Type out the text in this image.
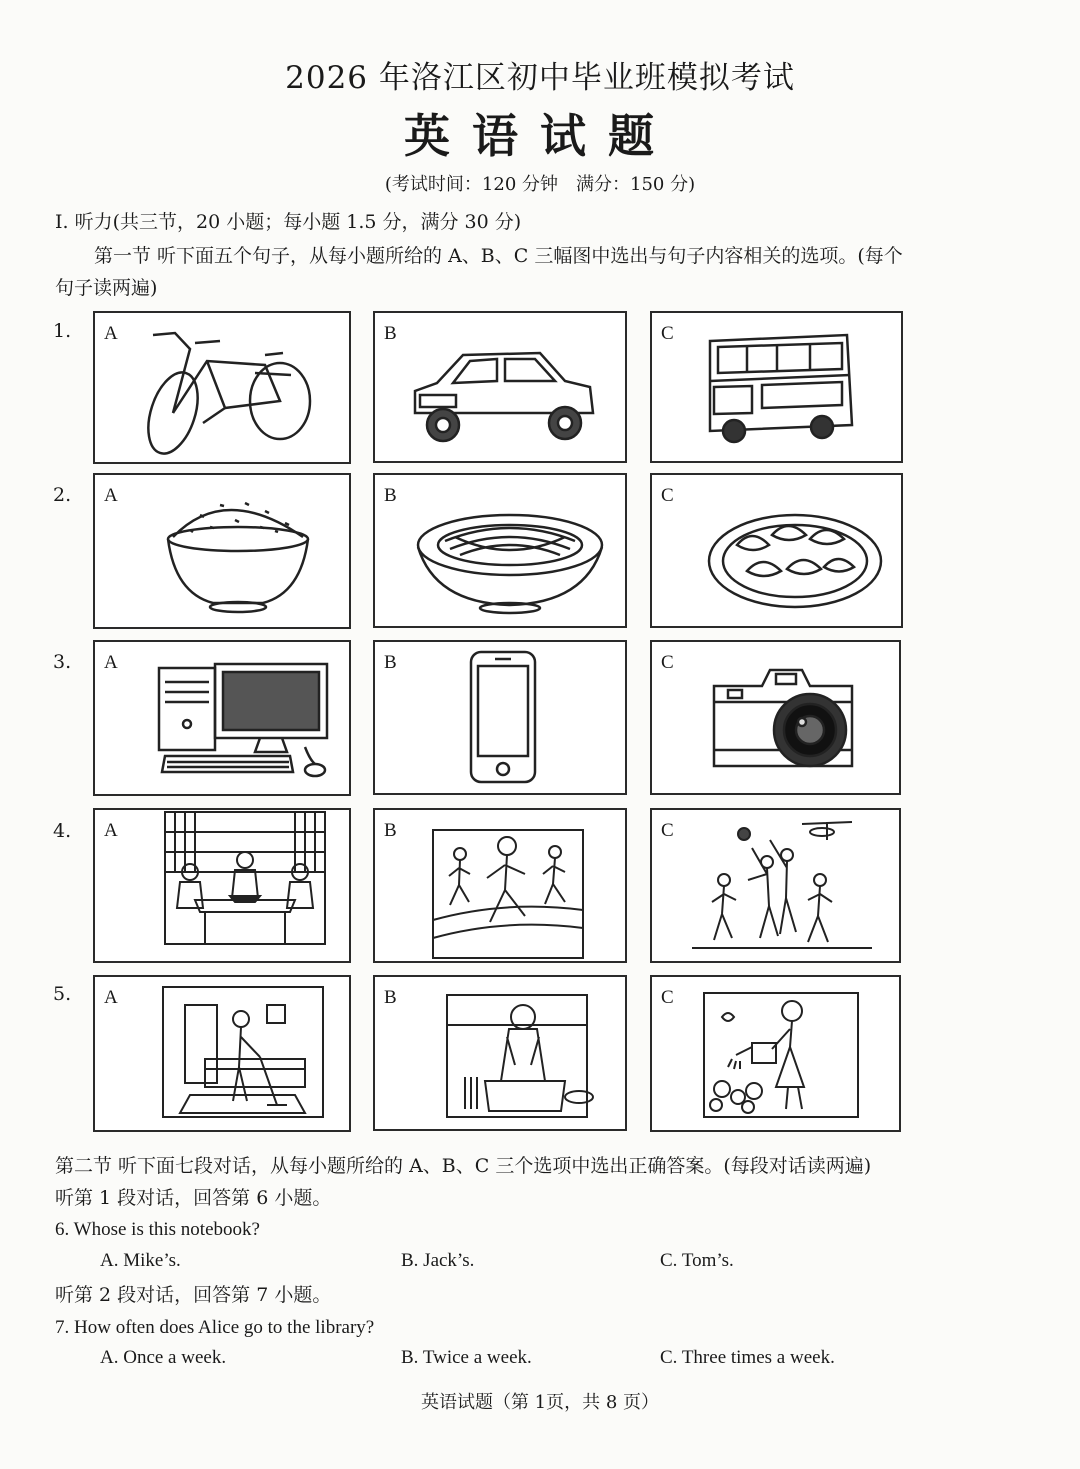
2026 年洛江区初中毕业班模拟考试
英语试题
(考试时间：120 分钟　满分：150 分)
I. 听力(共三节，20 小题；每小题 1.5 分，满分 30 分)
第一节 听下面五个句子，从每小题所给的 A、B、C 三幅图中选出与句子内容相关的选项。(每个
句子读两遍)
1. A	B	C
2. A	B	C
3. A	B	C
4. A	B	C
5. A	B	C
第二节 听下面七段对话，从每小题所给的 A、B、C 三个选项中选出正确答案。(每段对话读两遍)
听第 1 段对话，回答第 6 小题。
6. Whose is this notebook?
A. Mike’s.	B. Jack’s.	C. Tom’s.
听第 2 段对话，回答第 7 小题。
7. How often does Alice go to the library?
A. Once a week.	B. Twice a week.	C. Three times a week.
英语试题（第 1页，共 8 页）
